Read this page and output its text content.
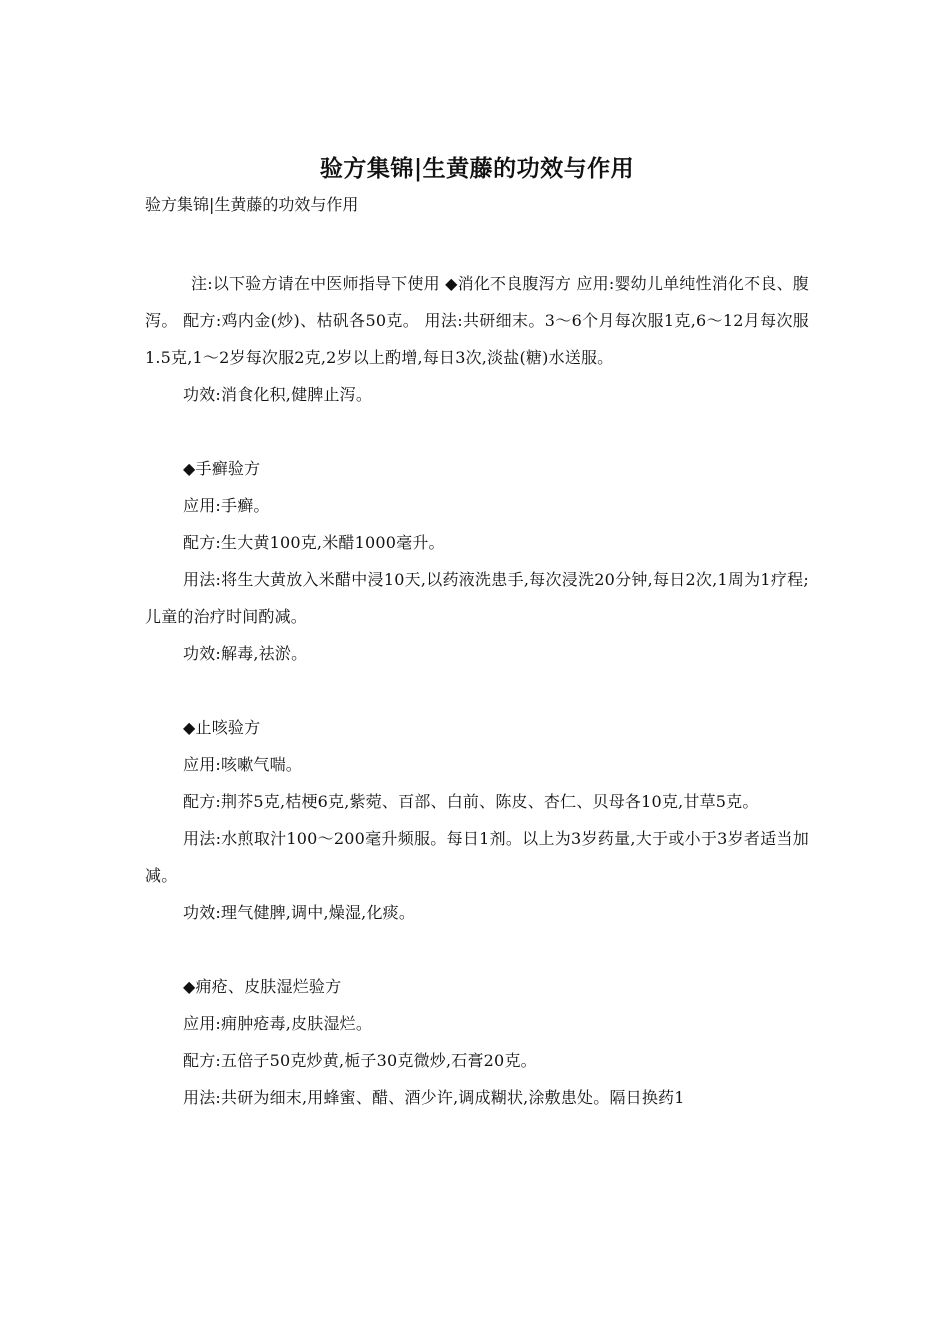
验方集锦|生黄藤的功效与作用
验方集锦|生黄藤的功效与作用

注:以下验方请在中医师指导下使用 ◆消化不良腹泻方 应用:婴幼儿单纯性消化不良、腹泻。 配方:鸡内金(炒)、枯矾各50克。 用法:共研细末。3～6个月每次服1克,6～12月每次服1.5克,1～2岁每次服2克,2岁以上酌增,每日3次,淡盐(糖)水送服。

功效:消食化积,健脾止泻。

◆手癣验方

应用:手癣。

配方:生大黄100克,米醋1000毫升。

用法:将生大黄放入米醋中浸10天,以药液洗患手,每次浸洗20分钟,每日2次,1周为1疗程;儿童的治疗时间酌减。

功效:解毒,祛淤。

◆止咳验方

应用:咳嗽气喘。

配方:荆芥5克,桔梗6克,紫菀、百部、白前、陈皮、杏仁、贝母各10克,甘草5克。

用法:水煎取汁100～200毫升频服。每日1剂。以上为3岁药量,大于或小于3岁者适当加减。

功效:理气健脾,调中,燥湿,化痰。

◆痈疮、皮肤湿烂验方

应用:痈肿疮毒,皮肤湿烂。

配方:五倍子50克炒黄,栀子30克微炒,石膏20克。

用法:共研为细末,用蜂蜜、醋、酒少许,调成糊状,涂敷患处。隔日换药1
